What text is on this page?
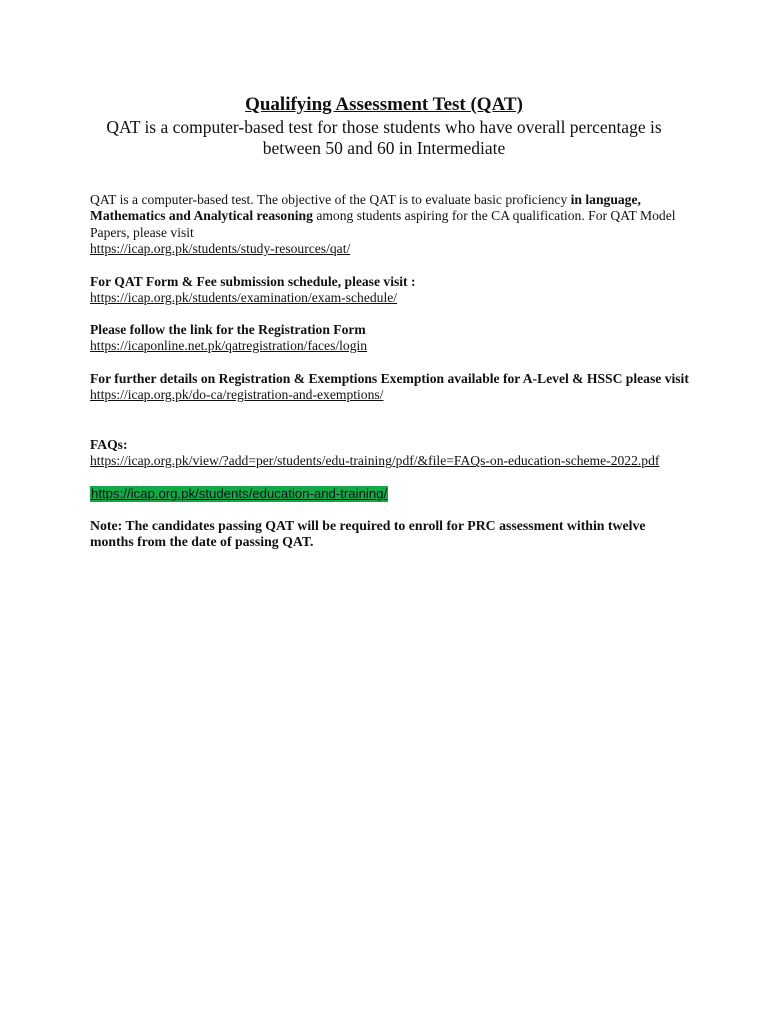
Qualifying Assessment Test (QAT)

QAT is a computer-based test for those students who have overall percentage is between 50 and 60 in Intermediate

QAT is a computer-based test. The objective of the QAT is to evaluate basic proficiency in language, Mathematics and Analytical reasoning among students aspiring for the CA qualification. For QAT Model Papers, please visit
https://icap.org.pk/students/study-resources/qat/
For QAT Form & Fee submission schedule, please visit :
https://icap.org.pk/students/examination/exam-schedule/
Please follow the link for the Registration Form
https://icaponline.net.pk/qatregistration/faces/login
For further details on Registration & Exemptions Exemption available for A-Level & HSSC please visit
https://icap.org.pk/do-ca/registration-and-exemptions/
FAQs:
https://icap.org.pk/view/?add=per/students/edu-training/pdf/&file=FAQs-on-education-scheme-2022.pdf
https://icap.org.pk/students/education-and-training/
Note: The candidates passing QAT will be required to enroll for PRC assessment within twelve months from the date of passing QAT.
